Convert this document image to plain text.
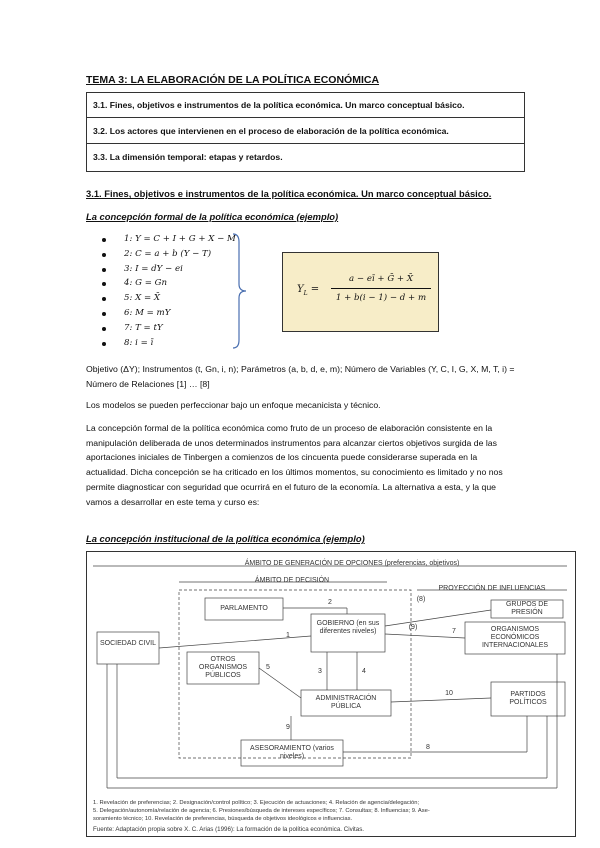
TEMA 3: LA ELABORACIÓN DE LA POLÍTICA ECONÓMICA
3.1. Fines, objetivos e instrumentos de la política económica. Un marco conceptual básico.
3.2. Los actores que intervienen en el proceso de elaboración de la política económica.
3.3. La dimensión temporal: etapas y retardos.
3.1. Fines, objetivos e instrumentos de la política económica. Un marco conceptual básico.
La concepción formal de la política económica (ejemplo)
1: Y = C + I + G + X − M
2: C = a + b (Y − T)
3: I = dY − ei
4: G = Gn
5: X = X̄
6: M = mY
7: T = tY
8: i = ī
$Y_L$ =
a − eī + Ḡ + X̄
1 + b(i − 1) − d + m
Objetivo (ΔY); Instrumentos (t, Gn, i, n); Parámetros (a, b, d, e, m); Número de Variables (Y, C, I, G, X, M, T, i) = Número de Relaciones [1] … [8]
Los modelos se pueden perfeccionar bajo un enfoque mecanicista y técnico.
La concepción formal de la política económica como fruto de un proceso de elaboración consistente en la manipulación deliberada de unos determinados instrumentos para alcanzar ciertos objetivos surgida de las aportaciones iniciales de Tinbergen a comienzos de los cincuenta puede considerarse superada en la actualidad. Dicha concepción se ha criticado en los últimos momentos, su conocimiento es limitado y no nos permite diagnosticar con seguridad que ocurrirá en el futuro de la economía. La alternativa a esta, y la que vamos a desarrollar en este tema y curso es:
La concepción institucional de la política económica (ejemplo)
ÁMBITO DE GENERACIÓN DE OPCIONES (preferencias, objetivos)
ÁMBITO DE DECISIÓN
PROYECCIÓN DE INFLUENCIAS
PARLAMENTO
GOBIERNO (en sus diferentes niveles)
SOCIEDAD CIVIL
OTROS ORGANISMOS PÚBLICOS
ADMINISTRACIÓN PÚBLICA
GRUPOS DE PRESIÓN
ORGANISMOS ECONÓMICOS INTERNACIONALES
PARTIDOS POLÍTICOS
ASESORAMIENTO (varios niveles)
2	(8)
(9)
7
1
3	4
5
10
9
8
1. Revelación de preferencias; 2. Designación/control político; 3. Ejecución de actuaciones; 4. Relación de agencia/delegación;
5. Delegación/autonomía/relación de agencia; 6. Presiones/búsqueda de intereses específicos; 7. Consultas; 8. Influencias; 9. Ase-
soramiento técnico; 10. Revelación de preferencias, búsqueda de objetivos ideológicos e influencias.
Fuente: Adaptación propia sobre X. C. Arias (1996): La formación de la política económica. Civitas.
